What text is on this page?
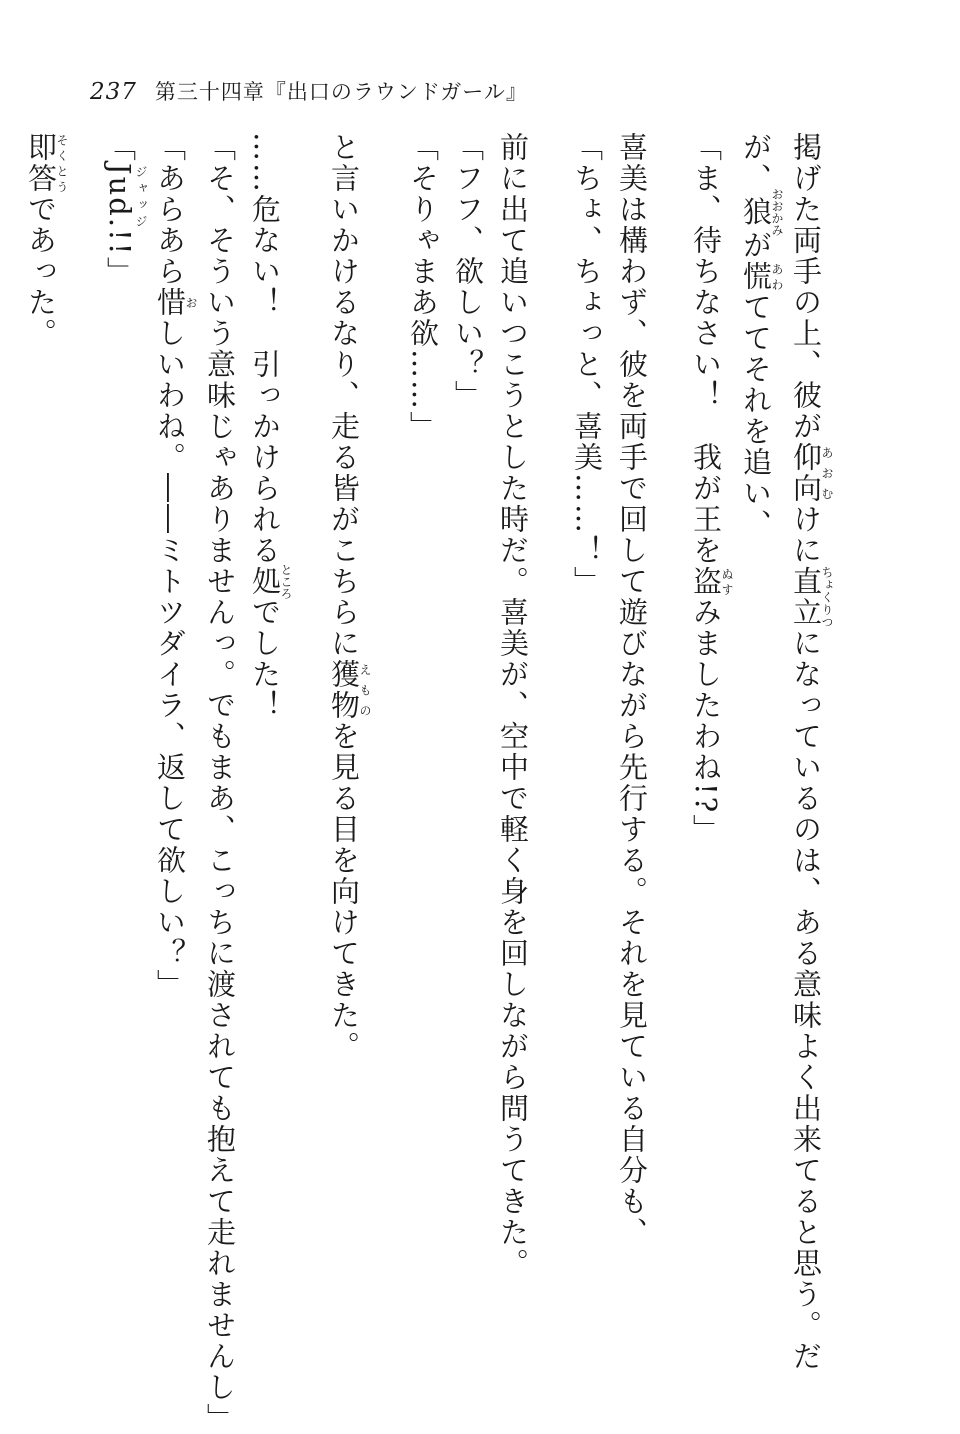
237 第三十四章『出口のラウンドガール』
掲げた両手の上、彼が仰向あおむけに直立ちょくりつになっているのは、ある意味よく出来てると思う。だ
が、狼おおかみが慌あわててそれを追い、
「ま、待ちなさい！　我が王を盗ぬすみましたわね!?」
喜美は構わず、彼を両手で回して遊びながら先行する。それを見ている自分も、
「ちょ、ちょっと、喜美……！」
前に出て追いつこうとした時だ。喜美が、空中で軽く身を回しながら問うてきた。
「フフ、欲しい？」
「そりゃまあ欲……」
と言いかけるなり、走る皆がこちらに獲物えものを見る目を向けてきた。
……危ない！　引っかけられる処ところでした！
「そ、そういう意味じゃありませんっ。でもまあ、こっちに渡されても抱えて走れませんし」
「あらあら惜おしいわね。――ミトツダイラ、返して欲しい？」
「Jud.ジャッジ!!」
即答そくとうであった。
